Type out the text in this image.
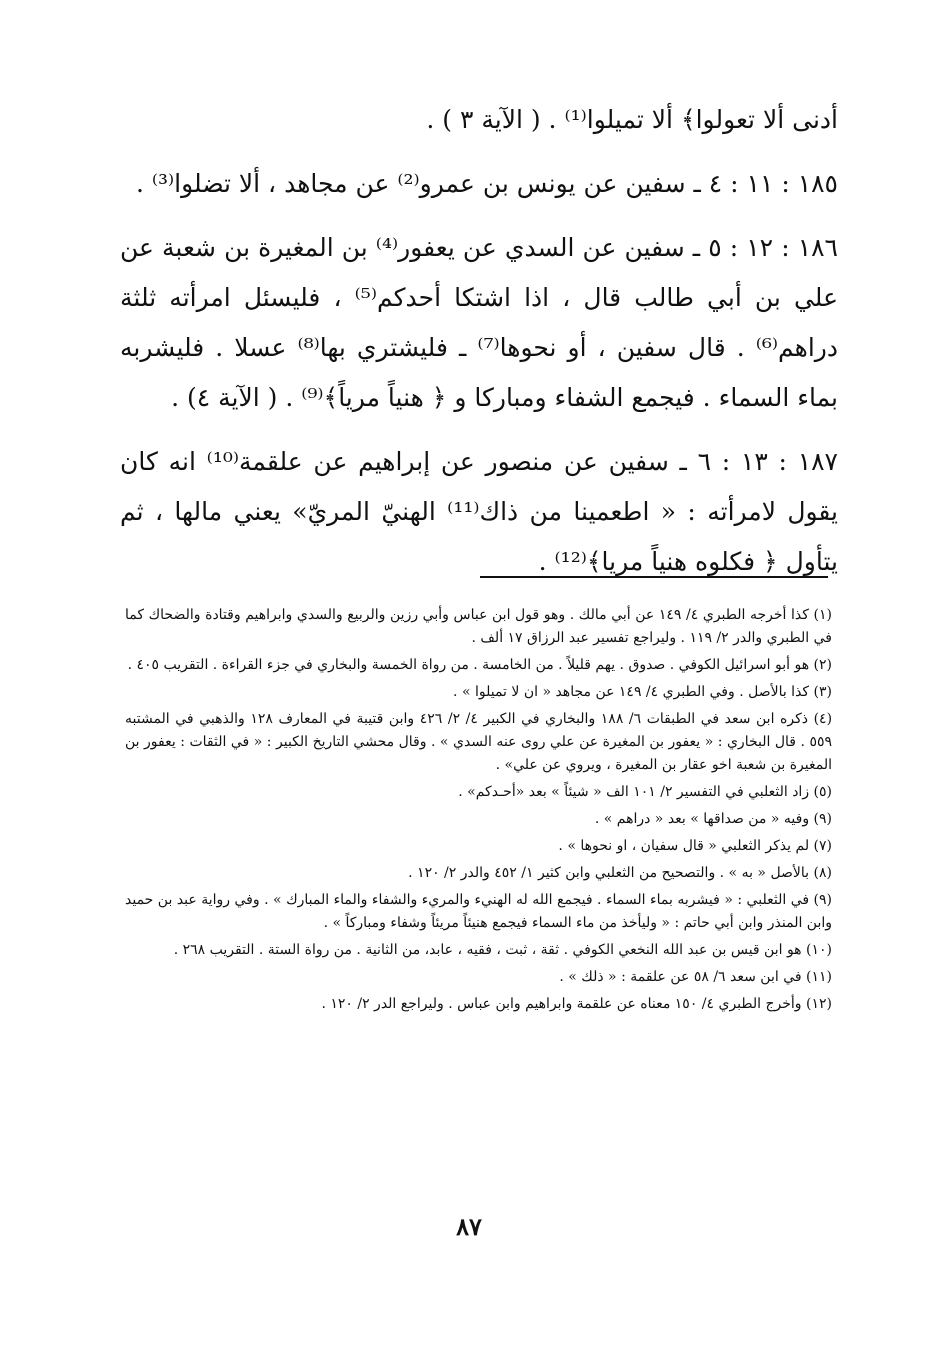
أدنى ألا تعولوا﴾ ألا تميلوا⁽¹⁾ . ( الآية ٣ ) .

١٨٥ : ١١ : ٤ ـ سفين عن يونس بن عمرو⁽²⁾ عن مجاهد ، ألا تضلوا⁽³⁾ .

١٨٦ : ١٢ : ٥ ـ سفين عن السدي عن يعفور⁽⁴⁾ بن المغيرة بن شعبة عن علي بن أبي طالب قال ، اذا اشتكا أحدكم⁽⁵⁾ ، فليسئل امرأته ثلثة دراهم⁽⁶⁾ . قال سفين ، أو نحوها⁽⁷⁾ ـ فليشتري بها⁽⁸⁾ عسلا . فليشربه بماء السماء . فيجمع الشفاء ومباركا و ﴿ هنياً مرياً﴾⁽⁹⁾ . ( الآية ٤) .

١٨٧ : ١٣ : ٦ ـ سفين عن منصور عن إبراهيم عن علقمة⁽¹⁰⁾ انه كان يقول لامرأته : « اطعمينا من ذاك⁽¹¹⁾ الهنيّ المريّ» يعني مالها ، ثم يتأول ﴿ فكلوه هنياً مريا﴾⁽¹²⁾ .

(١) كذا أخرجه الطبري ٤/ ١٤٩ عن أبي مالك . وهو قول ابن عباس وأبي رزين والربيع والسدي وابراهيم وقتادة والضحاك كما في الطبري والدر ٢/ ١١٩ . وليراجع تفسير عبد الرزاق ١٧ ألف .
(٢) هو أبو اسرائيل الكوفي . صدوق . يهم قليلاً . من الخامسة . من رواة الخمسة والبخاري في جزء القراءة . التقريب ٤٠٥ .
(٣) كذا بالأصل . وفي الطبري ٤/ ١٤٩ عن مجاهد « ان لا تميلوا » .
(٤) ذكره ابن سعد في الطبقات ٦/ ١٨٨ والبخاري في الكبير ٤/ ٢/ ٤٢٦ وابن قتيبة في المعارف ١٢٨ والذهبي في المشتبه ٥٥٩ . قال البخاري : « يعفور بن المغيرة عن علي روى عنه السدي » . وقال محشي التاريخ الكبير : « في الثقات : يعفور بن المغيرة بن شعبة اخو عقار بن المغيرة ، ويروي عن علي» .
(٥) زاد الثعلبي في التفسير ٢/ ١٠١ الف « شيئاً » بعد «أحـدكم» .
(٩) وفيه « من صداقها » بعد « دراهم » .
(٧) لم يذكر الثعلبي « قال سفيان ، او نحوها » .
(٨) بالأصل « به » . والتصحيح من الثعلبي وابن كثير ١/ ٤٥٢ والدر ٢/ ١٢٠ .
(٩) في الثعلبي : « فيشربه بماء السماء . فيجمع الله له الهنيء والمريء والشفاء والماء المبارك » . وفي رواية عبد بن حميد وابن المنذر وابن أبي حاتم : « وليأخذ من ماء السماء فيجمع هنيئاً مريئاً وشفاء ومباركاً » .
(١٠) هو ابن قيس بن عبد الله النخعي الكوفي . ثقة ، ثبت ، فقيه ، عابد، من الثانية . من رواة الستة . التقريب ٢٦٨ .
(١١) في ابن سعد ٦/ ٥٨ عن علقمة : « ذلك » .
(١٢) وأخرج الطبري ٤/ ١٥٠ معناه عن علقمة وابراهيم وابن عباس . وليراجع الدر ٢/ ١٢٠ .
٨٧
